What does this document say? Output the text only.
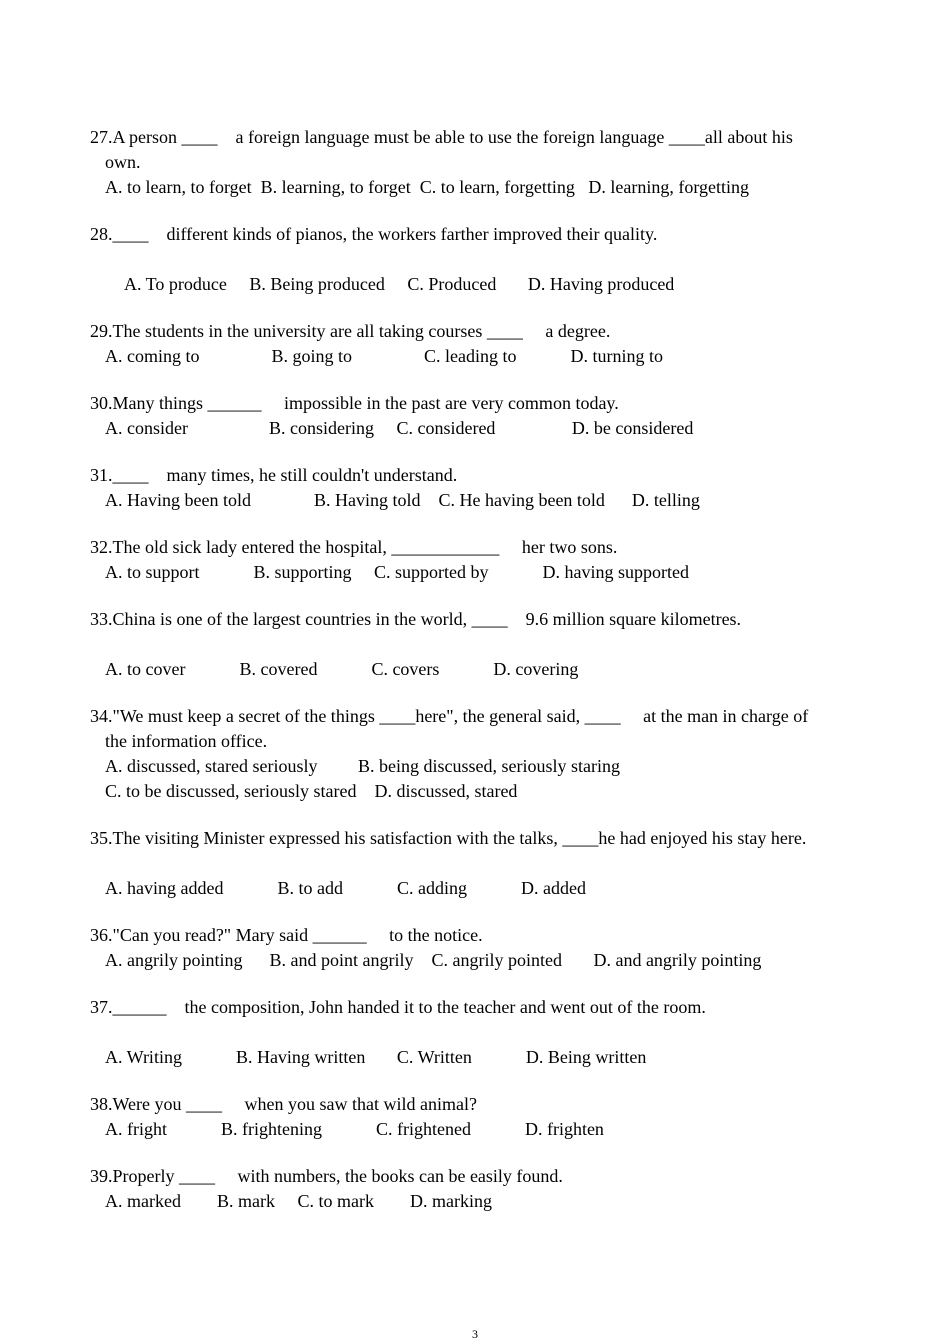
27.A person ____    a foreign language must be able to use the foreign language ____all about his
own.
A. to learn, to forget  B. learning, to forget  C. to learn, forgetting   D. learning, forgetting
28.____    different kinds of pianos, the workers farther improved their quality.
A. To produce     B. Being produced     C. Produced       D. Having produced
29.The students in the university are all taking courses ____     a degree.
A. coming to                B. going to                C. leading to            D. turning to
30.Many things ______     impossible in the past are very common today.
A. consider                  B. considering     C. considered                 D. be considered
31.____    many times, he still couldn't understand.
A. Having been told              B. Having told    C. He having been told      D. telling
32.The old sick lady entered the hospital, ____________     her two sons.
A. to support            B. supporting     C. supported by            D. having supported
33.China is one of the largest countries in the world, ____    9.6 million square kilometres.
A. to cover            B. covered            C. covers            D. covering
34."We must keep a secret of the things ____here", the general said, ____     at the man in charge of
the information office.
A. discussed, stared seriously         B. being discussed, seriously staring
C. to be discussed, seriously stared    D. discussed, stared
35.The visiting Minister expressed his satisfaction with the talks, ____he had enjoyed his stay here.
A. having added            B. to add            C. adding            D. added
36."Can you read?" Mary said ______     to the notice.
A. angrily pointing      B. and point angrily    C. angrily pointed       D. and angrily pointing
37.______    the composition, John handed it to the teacher and went out of the room.
A. Writing            B. Having written       C. Written            D. Being written
38.Were you ____     when you saw that wild animal?
A. fright            B. frightening            C. frightened            D. frighten
39.Properly ____     with numbers, the books can be easily found.
A. marked        B. mark     C. to mark        D. marking
3
